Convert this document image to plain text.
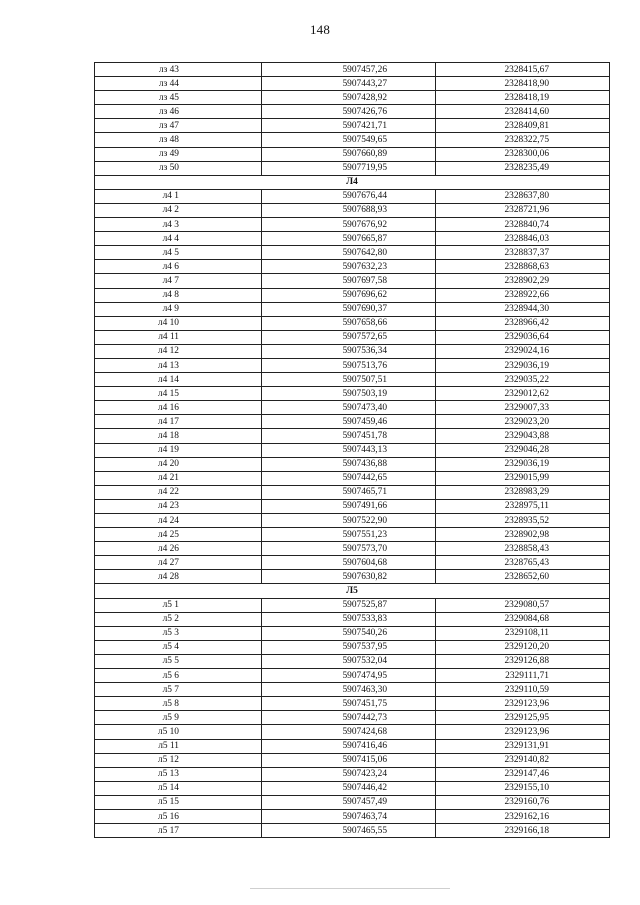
148
лз 43	5907457,26	2328415,67
лз 44	5907443,27	2328418,90
лз 45	5907428,92	2328418,19
лз 46	5907426,76	2328414,60
лз 47	5907421,71	2328409,81
лз 48	5907549,65	2328322,75
лз 49	5907660,89	2328300,06
лз 50	5907719,95	2328235,49
Л4		
л4 1	5907676,44	2328637,80
л4 2	5907688,93	2328721,96
л4 3	5907676,92	2328840,74
л4 4	5907665,87	2328846,03
л4 5	5907642,80	2328837,37
л4 6	5907632,23	2328868,63
л4 7	5907697,58	2328902,29
л4 8	5907696,62	2328922,66
л4 9	5907690,37	2328944,30
л4 10	5907658,66	2328966,42
л4 11	5907572,65	2329036,64
л4 12	5907536,34	2329024,16
л4 13	5907513,76	2329036,19
л4 14	5907507,51	2329035,22
л4 15	5907503,19	2329012,62
л4 16	5907473,40	2329007,33
л4 17	5907459,46	2329023,20
л4 18	5907451,78	2329043,88
л4 19	5907443,13	2329046,28
л4 20	5907436,88	2329036,19
л4 21	5907442,65	2329015,99
л4 22	5907465,71	2328983,29
л4 23	5907491,66	2328975,11
л4 24	5907522,90	2328935,52
л4 25	5907551,23	2328902,98
л4 26	5907573,70	2328858,43
л4 27	5907604,68	2328765,43
л4 28	5907630,82	2328652,60
Л5		
л5 1	5907525,87	2329080,57
л5 2	5907533,83	2329084,68
л5 3	5907540,26	2329108,11
л5 4	5907537,95	2329120,20
л5 5	5907532,04	2329126,88
л5 6	5907474,95	2329111,71
л5 7	5907463,30	2329110,59
л5 8	5907451,75	2329123,96
л5 9	5907442,73	2329125,95
л5 10	5907424,68	2329123,96
л5 11	5907416,46	2329131,91
л5 12	5907415,06	2329140,82
л5 13	5907423,24	2329147,46
л5 14	5907446,42	2329155,10
л5 15	5907457,49	2329160,76
л5 16	5907463,74	2329162,16
л5 17	5907465,55	2329166,18
